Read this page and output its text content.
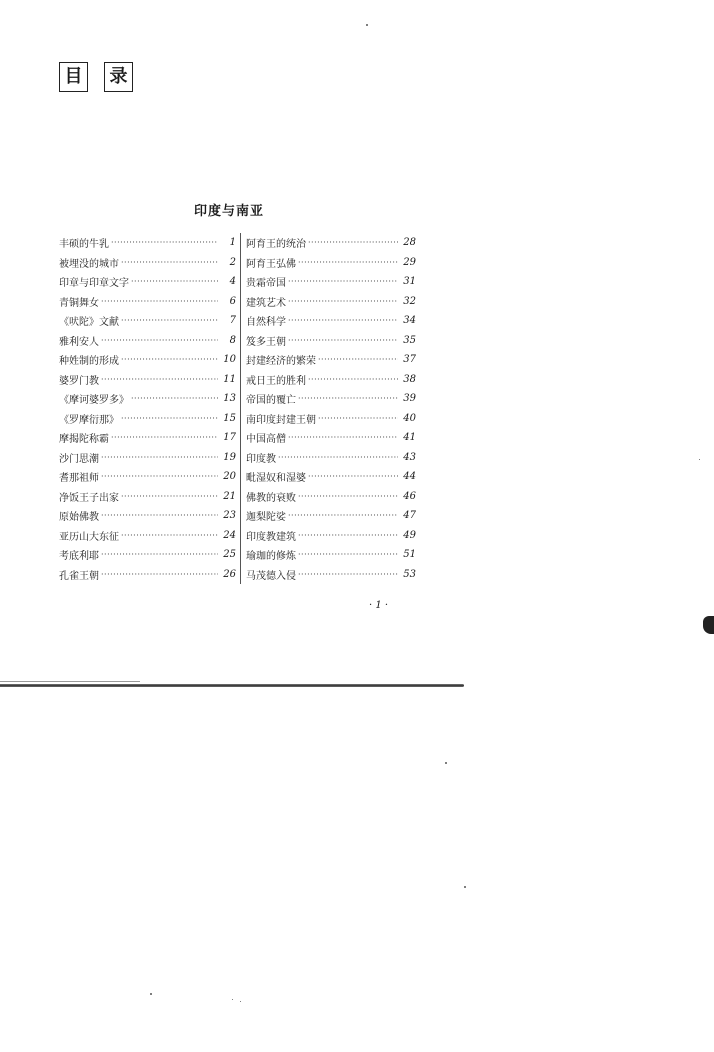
目	录
印度与南亚
丰硕的牛乳 ·····	1
被埋没的城市 ·····	2
印章与印章文字 ·····	4
青铜舞女 ·····	6
《吠陀》文献 ·····	7
雅利安人 ·····	8
种姓制的形成 ·····	10
婆罗门教 ·····	11
《摩诃婆罗多》 ·····	13
《罗摩衍那》 ·····	15
摩揭陀称霸 ·····	17
沙门思潮 ·····	19
耆那祖师 ·····	20
净饭王子出家 ·····	21
原始佛教 ·····	23
亚历山大东征 ·····	24
考底利耶 ·····	25
孔雀王朝 ·····	26
阿育王的统治 ·····	28
阿育王弘佛 ·····	29
贵霜帝国 ·····	31
建筑艺术 ·····	32
自然科学 ·····	34
笈多王朝 ·····	35
封建经济的繁荣 ·····	37
戒日王的胜利 ·····	38
帝国的覆亡 ·····	39
南印度封建王朝 ·····	40
中国高僧 ·····	41
印度教 ·····	43
毗湿奴和湿婆 ·····	44
佛教的衰败 ·····	46
迦梨陀娑 ·····	47
印度教建筑 ·····	49
瑜珈的修炼 ·····	51
马茂德入侵 ·····	53
· 1 ·
